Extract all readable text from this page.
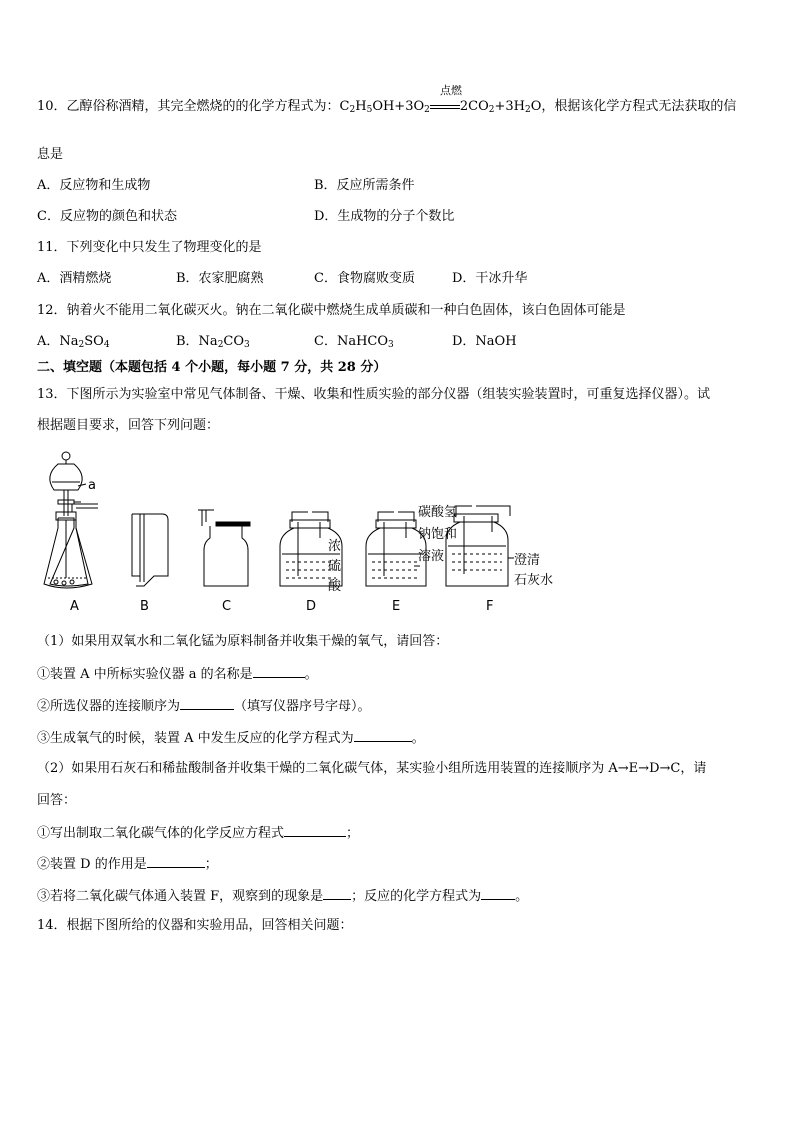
10．乙醇俗称酒精，其完全燃烧的的化学方程式为：$C_2H_5OH+3O_2$ $2CO_2+3H_2O$，根据该化学方程式无法获取的信
点燃
息是
A．反应物和生成物	B．反应所需条件
C．反应物的颜色和状态	D．生成物的分子个数比
11．下列变化中只发生了物理变化的是
A．酒精燃烧	B．农家肥腐熟	C．食物腐败变质	D．干冰升华
12．钠着火不能用二氧化碳灭火。钠在二氧化碳中燃烧生成单质碳和一种白色固体，该白色固体可能是
A．$Na_2SO_4$	B．$Na_2CO_3$	C．NaHCO$_3$	D．NaOH
二、填空题（本题包括 4 个小题，每小题 7 分，共 28 分）
13．下图所示为实验室中常见气体制备、干燥、收集和性质实验的部分仪器（组装实验装置时，可重复选择仪器）。试
根据题目要求，回答下列问题：
a
A	B	C
浓
硫
酸
D
碳酸氢
钠饱和
溶液
E
澄清
石灰水
F
（1）如果用双氧水和二氧化锰为原料制备并收集干燥的氧气，请回答：
①装置 A 中所标实验仪器 a 的名称是	。
②所选仪器的连接顺序为	（填写仪器序号字母）。
③生成氧气的时候，装置 A 中发生反应的化学方程式为	。
（2）如果用石灰石和稀盐酸制备并收集干燥的二氧化碳气体，某实验小组所选用装置的连接顺序为 A→E→D→C，请
回答：
①写出制取二氧化碳气体的化学反应方程式	；
②装置 D 的作用是	；
③若将二氧化碳气体通入装置 F，观察到的现象是 ；反应的化学方程式为	。
14．根据下图所给的仪器和实验用品，回答相关问题：
